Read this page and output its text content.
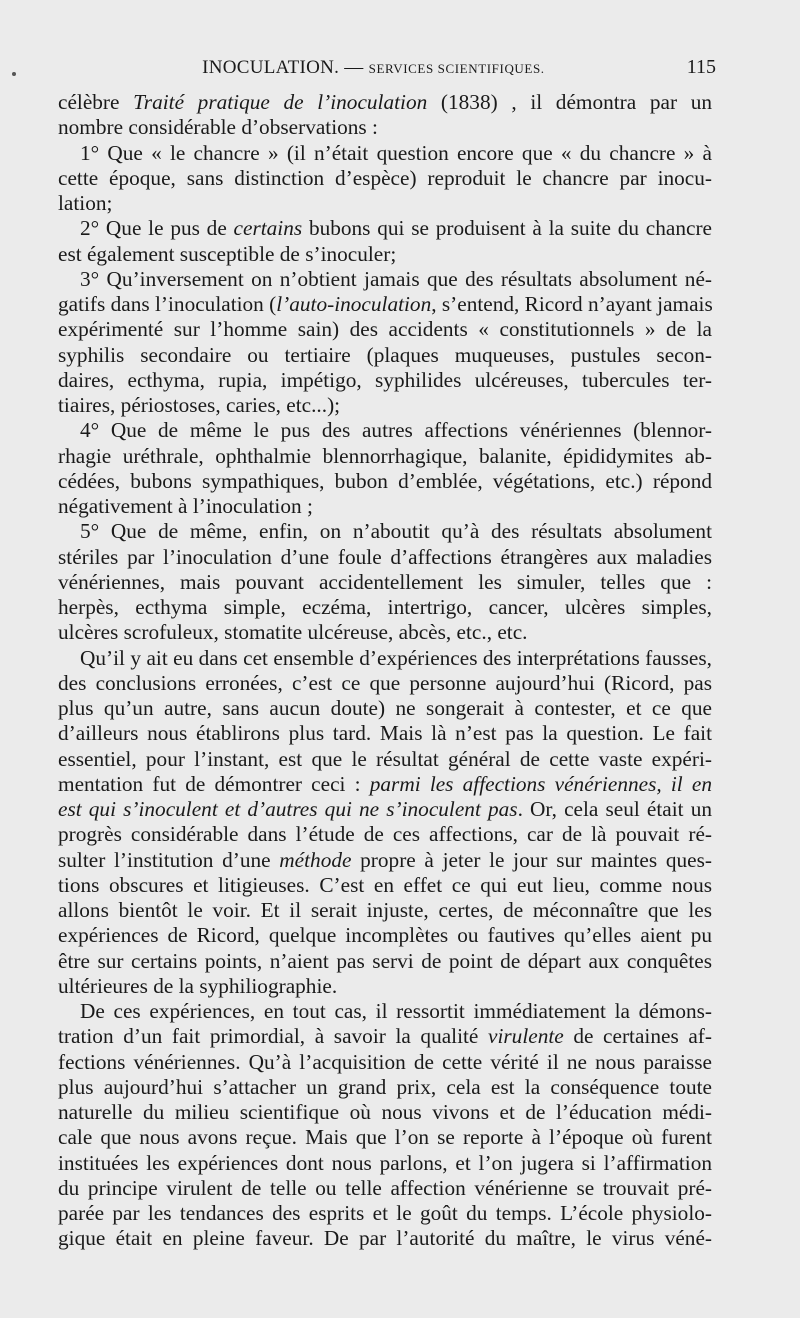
INOCULATION. — SERVICES SCIENTIFIQUES.	115
célèbre Traité pratique de l’inoculation (1838) , il démontra par un
nombre considérable d’observations :
1° Que « le chancre » (il n’était question encore que « du chancre » à
cette époque, sans distinction d’espèce) reproduit le chancre par inocu-
lation;
2° Que le pus de certains bubons qui se produisent à la suite du chancre
est également susceptible de s’inoculer;
3° Qu’inversement on n’obtient jamais que des résultats absolument né-
gatifs dans l’inoculation (l’auto-inoculation, s’entend, Ricord n’ayant jamais
expérimenté sur l’homme sain) des accidents « constitutionnels » de la
syphilis secondaire ou tertiaire (plaques muqueuses, pustules secon-
daires, ecthyma, rupia, impétigo, syphilides ulcéreuses, tubercules ter-
tiaires, périostoses, caries, etc...);
4° Que de même le pus des autres affections vénériennes (blennor-
rhagie uréthrale, ophthalmie blennorrhagique, balanite, épididymites ab-
cédées, bubons sympathiques, bubon d’emblée, végétations, etc.) répond
négativement à l’inoculation ;
5° Que de même, enfin, on n’aboutit qu’à des résultats absolument
stériles par l’inoculation d’une foule d’affections étrangères aux maladies
vénériennes, mais pouvant accidentellement les simuler, telles que :
herpès, ecthyma simple, eczéma, intertrigo, cancer, ulcères simples,
ulcères scrofuleux, stomatite ulcéreuse, abcès, etc., etc.
Qu’il y ait eu dans cet ensemble d’expériences des interprétations fausses,
des conclusions erronées, c’est ce que personne aujourd’hui (Ricord, pas
plus qu’un autre, sans aucun doute) ne songerait à contester, et ce que
d’ailleurs nous établirons plus tard. Mais là n’est pas la question. Le fait
essentiel, pour l’instant, est que le résultat général de cette vaste expéri-
mentation fut de démontrer ceci : parmi les affections vénériennes, il en
est qui s’inoculent et d’autres qui ne s’inoculent pas. Or, cela seul était un
progrès considérable dans l’étude de ces affections, car de là pouvait ré-
sulter l’institution d’une méthode propre à jeter le jour sur maintes ques-
tions obscures et litigieuses. C’est en effet ce qui eut lieu, comme nous
allons bientôt le voir. Et il serait injuste, certes, de méconnaître que les
expériences de Ricord, quelque incomplètes ou fautives qu’elles aient pu
être sur certains points, n’aient pas servi de point de départ aux conquêtes
ultérieures de la syphiliographie.
De ces expériences, en tout cas, il ressortit immédiatement la démons-
tration d’un fait primordial, à savoir la qualité virulente de certaines af-
fections vénériennes. Qu’à l’acquisition de cette vérité il ne nous paraisse
plus aujourd’hui s’attacher un grand prix, cela est la conséquence toute
naturelle du milieu scientifique où nous vivons et de l’éducation médi-
cale que nous avons reçue. Mais que l’on se reporte à l’époque où furent
instituées les expériences dont nous parlons, et l’on jugera si l’affirmation
du principe virulent de telle ou telle affection vénérienne se trouvait pré-
parée par les tendances des esprits et le goût du temps. L’école physiolo-
gique était en pleine faveur. De par l’autorité du maître, le virus véné-
